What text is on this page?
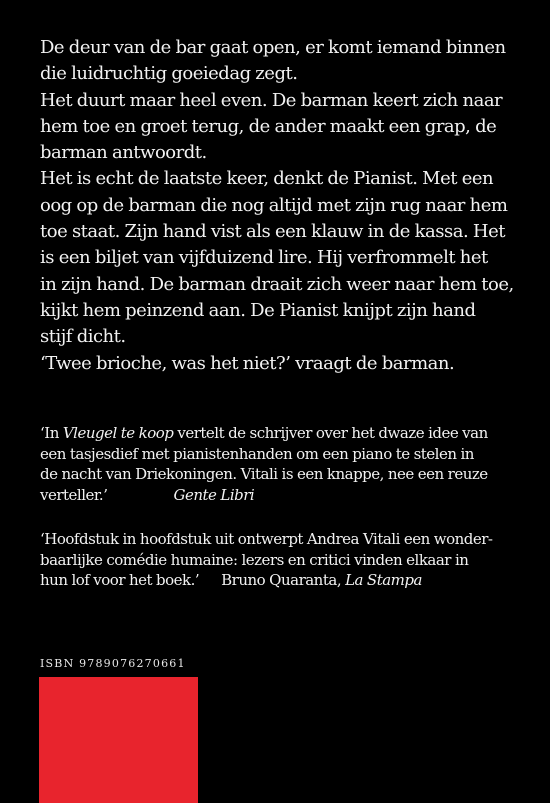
De deur van de bar gaat open, er komt iemand binnen
die luidruchtig goeiedag zegt.
Het duurt maar heel even. De barman keert zich naar
hem toe en groet terug, de ander maakt een grap, de
barman antwoordt.
Het is echt de laatste keer, denkt de Pianist. Met een
oog op de barman die nog altijd met zijn rug naar hem
toe staat. Zijn hand vist als een klauw in de kassa. Het
is een biljet van vijfduizend lire. Hij verfrommelt het
in zijn hand. De barman draait zich weer naar hem toe,
kijkt hem peinzend aan. De Pianist knijpt zijn hand
stijf dicht.
‘Twee brioche, was het niet?’ vraagt de barman.
‘In Vleugel te koop vertelt de schrijver over het dwaze idee van
een tasjesdief met pianistenhanden om een piano te stelen in
de nacht van Driekoningen. Vitali is een knappe, nee een reuze
verteller.’	Gente Libri
‘Hoofdstuk in hoofdstuk uit ontwerpt Andrea Vitali een wonder-
baarlijke comédie humaine: lezers en critici vinden elkaar in
hun lof voor het boek.’ Bruno Quaranta, La Stampa
ISBN 9789076270661
